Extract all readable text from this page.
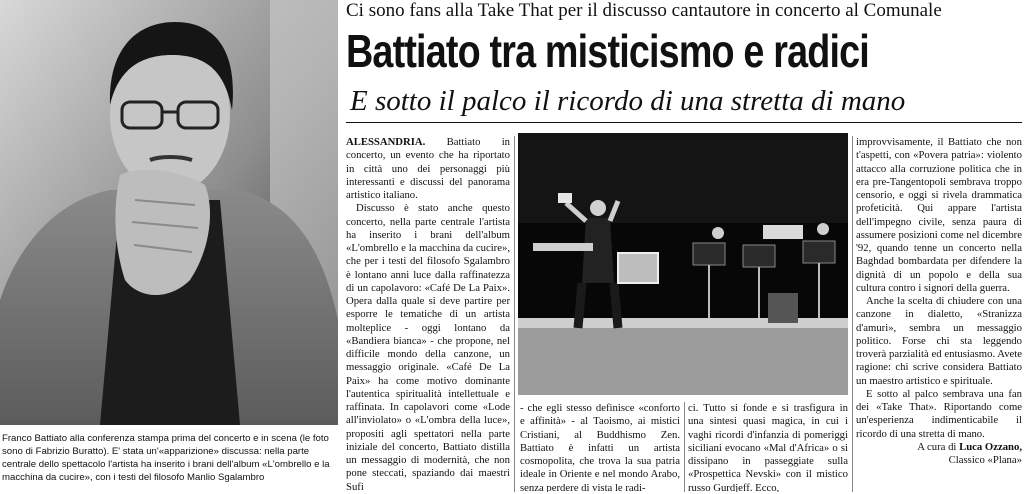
Franco Battiato alla conferenza stampa prima del concerto e in scena (le foto sono di Fabrizio Buratto). E' stata un'«apparizione» discussa: nella parte centrale dello spettacolo l'artista ha inserito i brani dell'album «L'ombrello e la macchina da cucire», con i testi del filosofo Manlio Sgalambro
Ci sono fans alla Take That per il discusso cantautore in concerto al Comunale
Battiato tra misticismo e radici
E sotto il palco il ricordo di una stretta di mano

ALESSANDRIA. Battiato in concerto, un evento che ha riportato in città uno dei personaggi più interessanti e discussi del panorama artistico italiano.

Discusso è stato anche questo concerto, nella parte centrale l'artista ha inserito i brani dell'album «L'ombrello e la macchina da cucire», che per i testi del filosofo Sgalambro è lontano anni luce dalla raffinatezza di un capolavoro: «Café De La Paix». Opera dalla quale si deve partire per esporre le tematiche di un artista molteplice - oggi lontano da «Bandiera bianca» - che propone, nel difficile mondo della canzone, un messaggio originale. «Café De La Paix» ha come motivo dominante l'autentica spiritualità intellettuale e raffinata. In capolavori come «Lode all'inviolato» o «L'ombra della luce», propositi agli spettatori nella parte iniziale del concerto, Battiato distilla un messaggio di modernità, che non pone steccati, spaziando dai maestri Sufi

- che egli stesso definisce «conforto e affinità» - al Taoismo, ai mistici Cristiani, al Buddhismo Zen. Battiato è infatti un artista cosmopolita, che trova la sua patria ideale in Oriente e nel mondo Arabo, senza perdere di vista le radi-

ci. Tutto si fonde e si trasfigura in una sintesi quasi magica, in cui i vaghi ricordi d'infanzia di pomeriggi siciliani evocano «Mal d'Africa» o si dissipano in passeggiate sulla «Prospettica Nevski» con il mistico russo Gurdjeff. Ecco,

improvvisamente, il Battiato che non t'aspetti, con «Povera patria»: violento attacco alla corruzione politica che in era pre-Tangentopoli sembrava troppo censorio, e oggi si rivela drammatica profeticità. Qui appare l'artista dell'impegno civile, senza paura di assumere posizioni come nel dicembre '92, quando tenne un concerto nella Baghdad bombardata per difendere la dignità di un popolo e della sua cultura contro i signori della guerra.

Anche la scelta di chiudere con una canzone in dialetto, «Stranizza d'amuri», sembra un messaggio politico. Forse chi sta leggendo troverà parzialità ed entusiasmo. Avete ragione: chi scrive considera Battiato un maestro artistico e spirituale.

E sotto al palco sembrava una fan dei «Take That». Riportando come un'esperienza indimenticabile il ricordo di una stretta di mano.

A cura di Luca Ozzano,

Classico «Plana»
